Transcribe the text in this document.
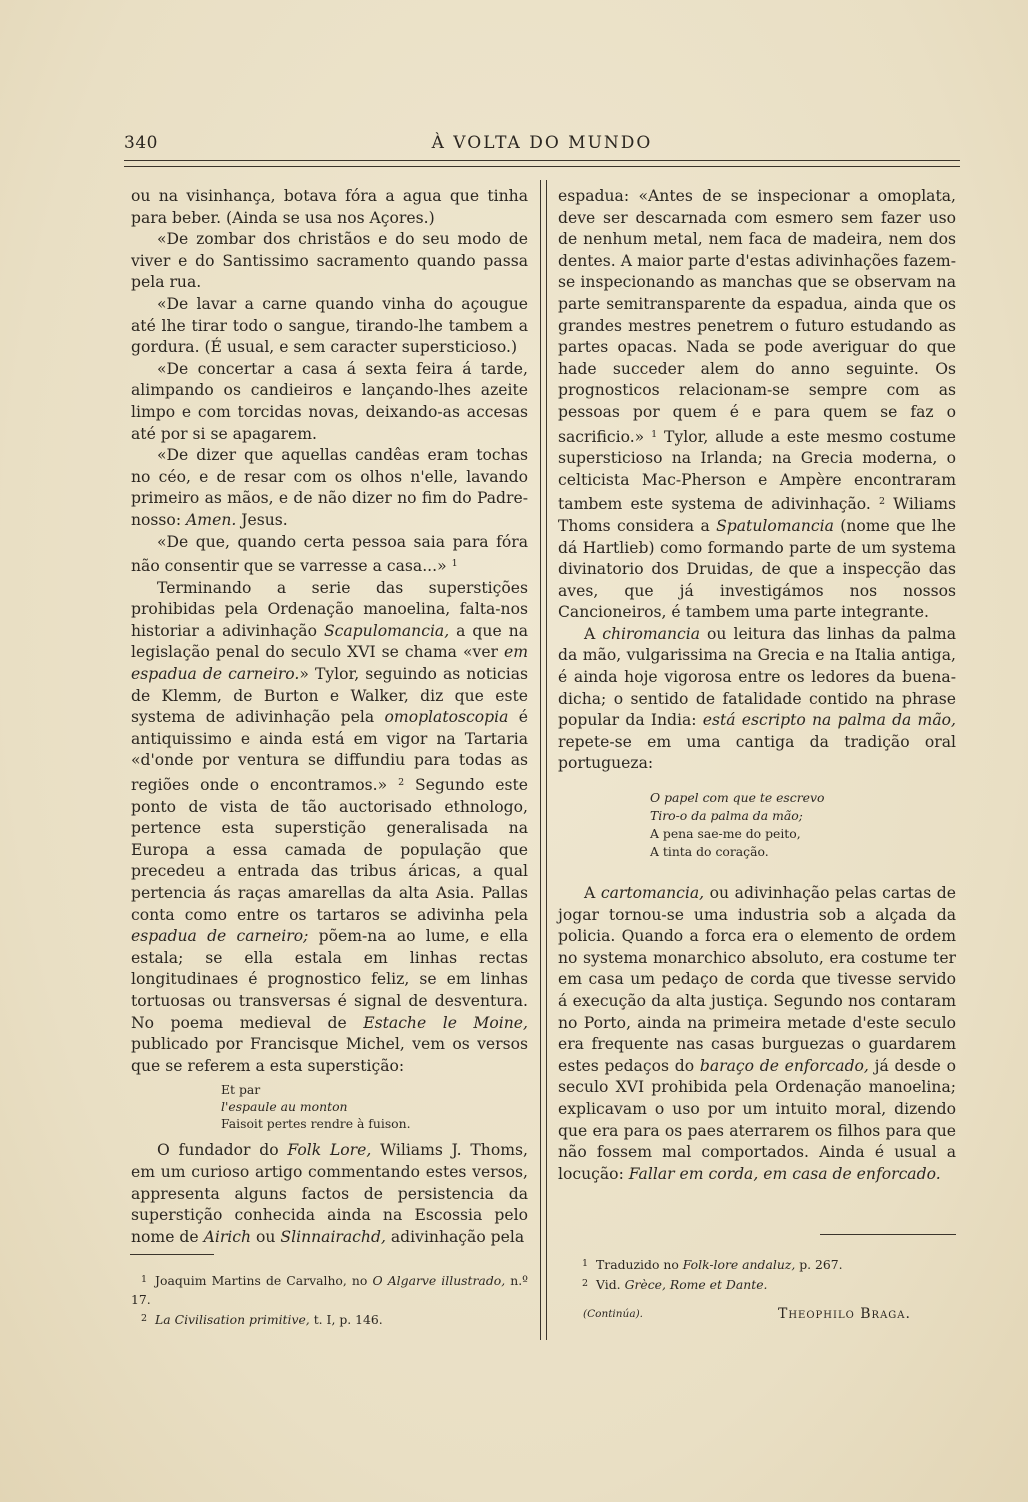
340	À VOLTA DO MUNDO

ou na visinhança, botava fóra a agua que tinha para beber. (Ainda se usa nos Açores.)

«De zombar dos christãos e do seu modo de viver e do Santissimo sacramento quando passa pela rua.

«De lavar a carne quando vinha do açougue até lhe tirar todo o sangue, tirando-lhe tambem a gordura. (É usual, e sem caracter supersticioso.)

«De concertar a casa á sexta feira á tarde, alimpando os candieiros e lançando-lhes azeite limpo e com torcidas novas, deixando-as accesas até por si se apagarem.

«De dizer que aquellas candêas eram tochas no céo, e de resar com os olhos n'elle, lavando primeiro as mãos, e de não dizer no fim do Padre-nosso: Amen. Jesus.

«De que, quando certa pessoa saia para fóra não consentir que se varresse a casa...» $^1$

Terminando a serie das superstições prohibidas pela Ordenação manoelina, falta-nos historiar a adivinhação Scapulomancia, a que na legislação penal do seculo XVI se chama «ver em espadua de carneiro.» Tylor, seguindo as noticias de Klemm, de Burton e Walker, diz que este systema de adivinhação pela omoplatoscopia é antiquissimo e ainda está em vigor na Tartaria «d'onde por ventura se diffundiu para todas as regiões onde o encontramos.» $^2$ Segundo este ponto de vista de tão auctorisado ethnologo, pertence esta superstição generalisada na Europa a essa camada de população que precedeu a entrada das tribus áricas, a qual pertencia ás raças amarellas da alta Asia. Pallas conta como entre os tartaros se adivinha pela espadua de carneiro; põem-na ao lume, e ella estala; se ella estala em linhas rectas longitudinaes é prognostico feliz, se em linhas tortuosas ou transversas é signal de desventura. No poema medieval de Estache le Moine, publicado por Francisque Michel, vem os versos que se referem a esta superstição:

Et par
l'espaule au monton
Faisoit pertes rendre à fuison.

O fundador do Folk Lore, Wiliams J. Thoms, em um curioso artigo commentando estes versos, appresenta alguns factos de persistencia da superstição conhecida ainda na Escossia pelo nome de Airich ou Slinnairachd, adivinhação pela

$^1$ Joaquim Martins de Carvalho, no O Algarve illustrado, n.º 17.

$^2$ La Civilisation primitive, t. I, p. 146.

espadua: «Antes de se inspecionar a omoplata, deve ser descarnada com esmero sem fazer uso de nenhum metal, nem faca de madeira, nem dos dentes. A maior parte d'estas adivinhações fazem-se inspecionando as manchas que se observam na parte semitransparente da espadua, ainda que os grandes mestres penetrem o futuro estudando as partes opacas. Nada se pode averiguar do que hade succeder alem do anno seguinte. Os prognosticos relacionam-se sempre com as pessoas por quem é e para quem se faz o sacrificio.» $^1$ Tylor, allude a este mesmo costume supersticioso na Irlanda; na Grecia moderna, o celticista Mac-Pherson e Ampère encontraram tambem este systema de adivinhação. $^2$ Wiliams Thoms considera a Spatulomancia (nome que lhe dá Hartlieb) como formando parte de um systema divinatorio dos Druidas, de que a inspecção das aves, que já investigámos nos nossos Cancioneiros, é tambem uma parte integrante.

A chiromancia ou leitura das linhas da palma da mão, vulgarissima na Grecia e na Italia antiga, é ainda hoje vigorosa entre os ledores da buena-dicha; o sentido de fatalidade contido na phrase popular da India: está escripto na palma da mão, repete-se em uma cantiga da tradição oral portugueza:

O papel com que te escrevo
Tiro-o da palma da mão;
A pena sae-me do peito,
A tinta do coração.

A cartomancia, ou adivinhação pelas cartas de jogar tornou-se uma industria sob a alçada da policia. Quando a forca era o elemento de ordem no systema monarchico absoluto, era costume ter em casa um pedaço de corda que tivesse servido á execução da alta justiça. Segundo nos contaram no Porto, ainda na primeira metade d'este seculo era frequente nas casas burguezas o guardarem estes pedaços do baraço de enforcado, já desde o seculo XVI prohibida pela Ordenação manoelina; explicavam o uso por um intuito moral, dizendo que era para os paes aterrarem os filhos para que não fossem mal comportados. Ainda é usual a locução: Fallar em corda, em casa de enforcado.

$^1$ Traduzido no Folk-lore andaluz, p. 267.

$^2$ Vid. Grèce, Rome et Dante.

(Continúa).	Theophilo Braga.
